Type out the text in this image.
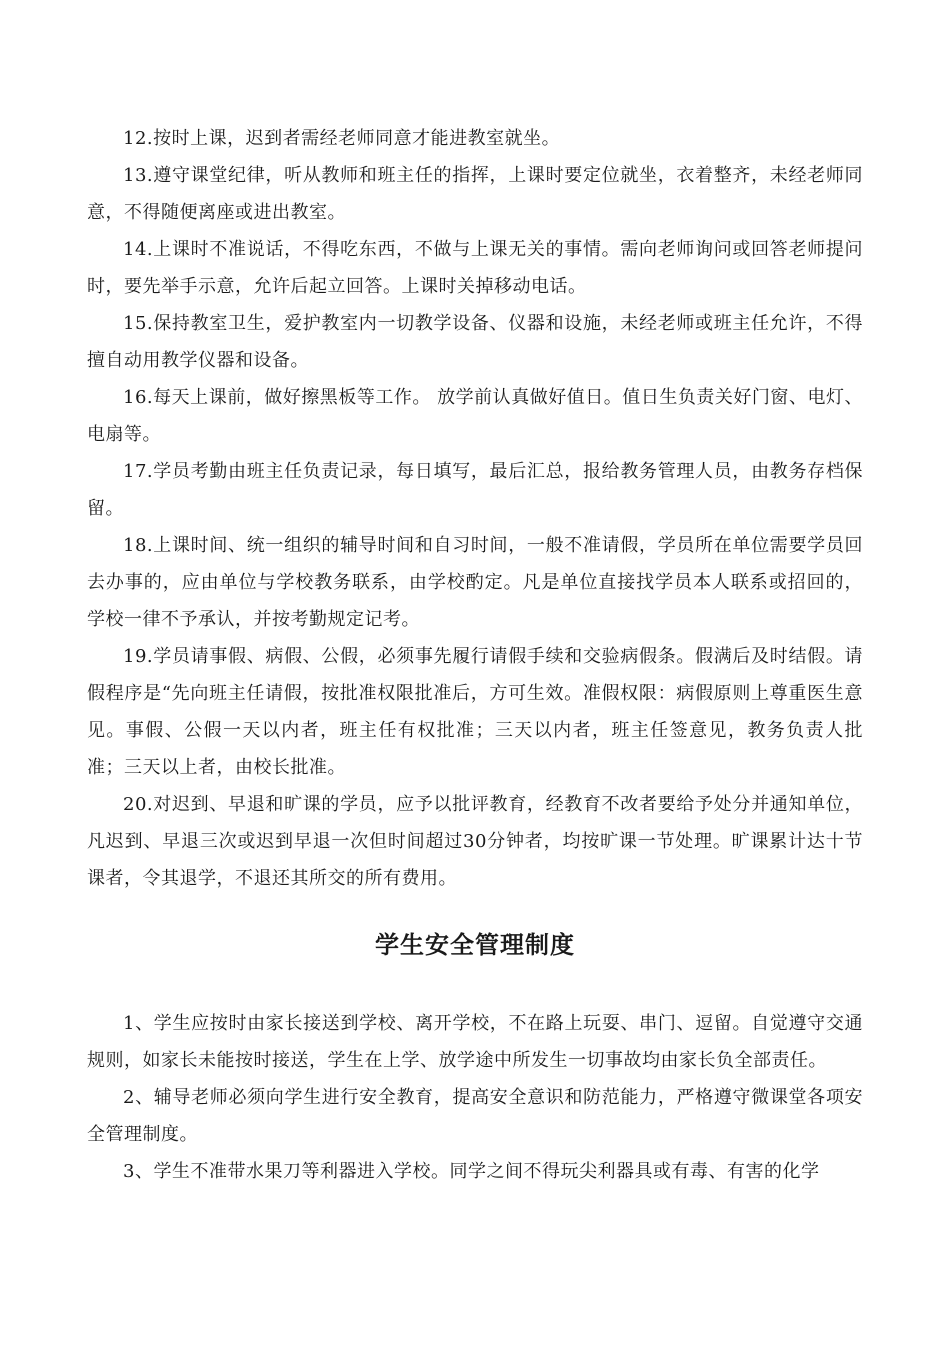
12.按时上课，迟到者需经老师同意才能进教室就坐。

13.遵守课堂纪律，听从教师和班主任的指挥，上课时要定位就坐，衣着整齐，未经老师同意，不得随便离座或进出教室。

14.上课时不准说话，不得吃东西，不做与上课无关的事情。需向老师询问或回答老师提问时，要先举手示意，允许后起立回答。上课时关掉移动电话。

15.保持教室卫生，爱护教室内一切教学设备、仪器和设施，未经老师或班主任允许，不得擅自动用教学仪器和设备。

16.每天上课前，做好擦黑板等工作。 放学前认真做好值日。值日生负责关好门窗、电灯、电扇等。

17.学员考勤由班主任负责记录，每日填写，最后汇总，报给教务管理人员，由教务存档保留。

18.上课时间、统一组织的辅导时间和自习时间，一般不准请假，学员所在单位需要学员回去办事的，应由单位与学校教务联系，由学校酌定。凡是单位直接找学员本人联系或招回的，学校一律不予承认，并按考勤规定记考。

19.学员请事假、病假、公假，必须事先履行请假手续和交验病假条。假满后及时结假。请假程序是“先向班主任请假，按批准权限批准后，方可生效。准假权限：病假原则上尊重医生意见。事假、公假一天以内者，班主任有权批准；三天以内者，班主任签意见，教务负责人批准；三天以上者，由校长批准。

20.对迟到、早退和旷课的学员，应予以批评教育，经教育不改者要给予处分并通知单位，凡迟到、早退三次或迟到早退一次但时间超过30分钟者，均按旷课一节处理。旷课累计达十节课者，令其退学，不退还其所交的所有费用。

学生安全管理制度

1、学生应按时由家长接送到学校、离开学校，不在路上玩耍、串门、逗留。自觉遵守交通规则，如家长未能按时接送，学生在上学、放学途中所发生一切事故均由家长负全部责任。

2、辅导老师必须向学生进行安全教育，提高安全意识和防范能力，严格遵守微课堂各项安全管理制度。

3、学生不准带水果刀等利器进入学校。同学之间不得玩尖利器具或有毒、有害的化学
